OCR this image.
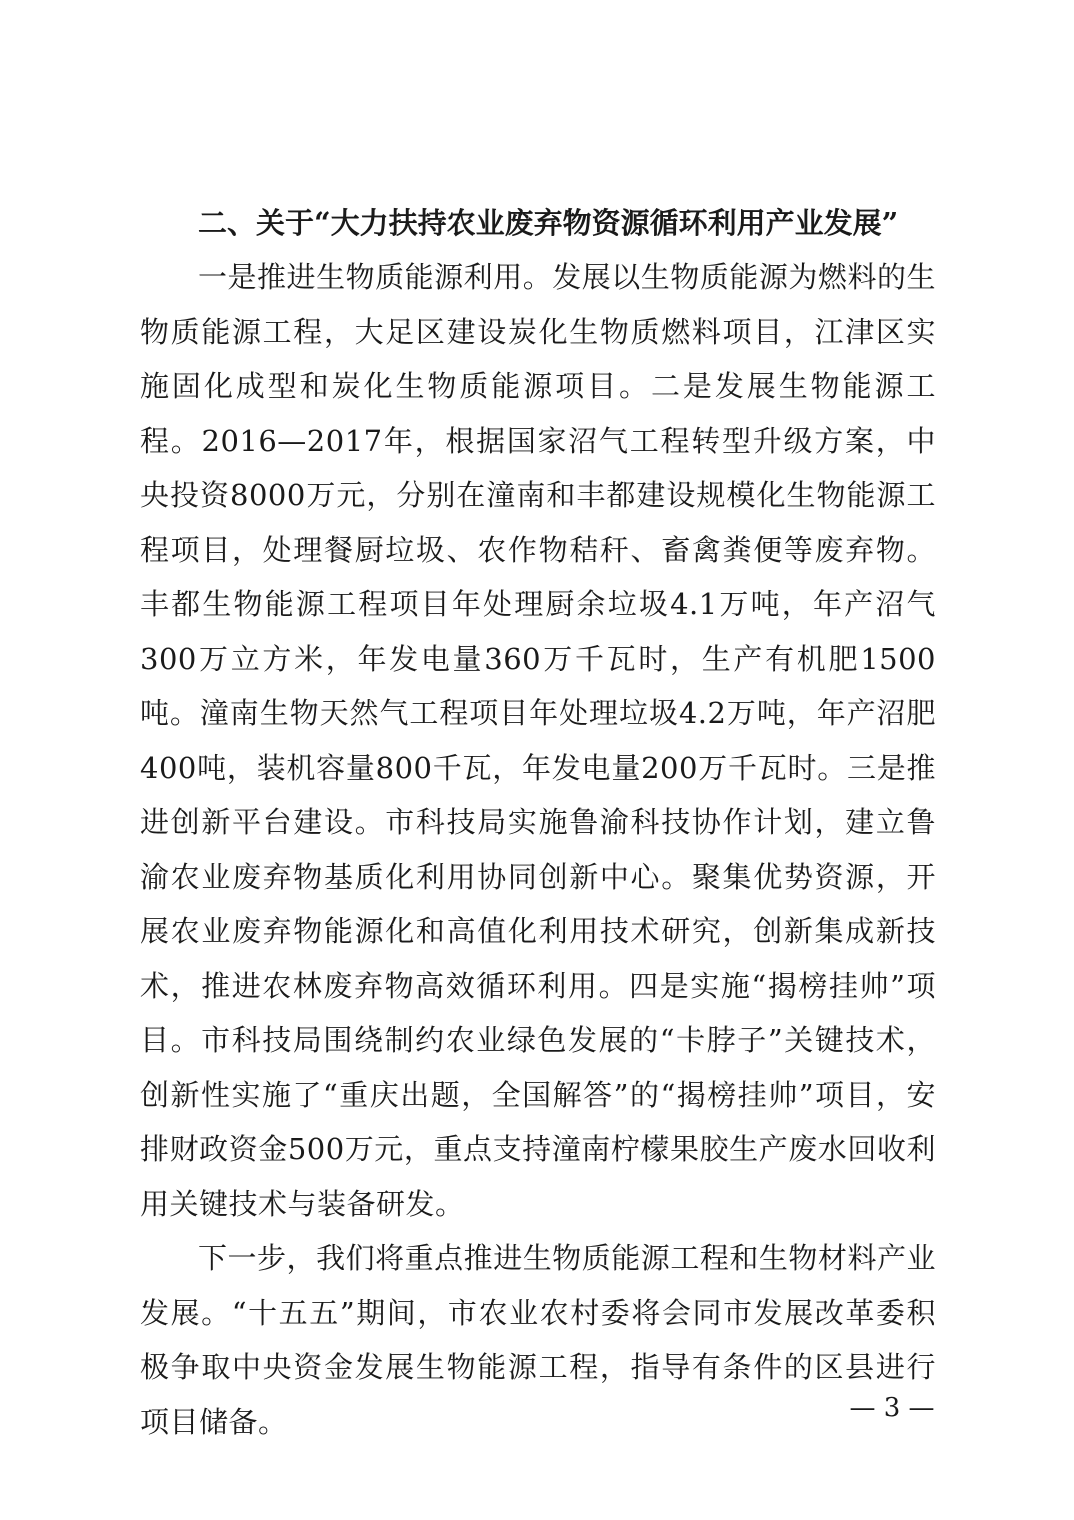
二、关于“大力扶持农业废弃物资源循环利用产业发展”

一是推进生物质能源利用。发展以生物质能源为燃料的生物质能源工程，大足区建设炭化生物质燃料项目，江津区实施固化成型和炭化生物质能源项目。二是发展生物能源工程。2016—2017年，根据国家沼气工程转型升级方案，中央投资8000万元，分别在潼南和丰都建设规模化生物能源工程项目，处理餐厨垃圾、农作物秸秆、畜禽粪便等废弃物。丰都生物能源工程项目年处理厨余垃圾4.1万吨，年产沼气300万立方米，年发电量360万千瓦时，生产有机肥1500吨。潼南生物天然气工程项目年处理垃圾4.2万吨，年产沼肥400吨，装机容量800千瓦，年发电量200万千瓦时。三是推进创新平台建设。市科技局实施鲁渝科技协作计划，建立鲁渝农业废弃物基质化利用协同创新中心。聚集优势资源，开展农业废弃物能源化和高值化利用技术研究，创新集成新技术，推进农林废弃物高效循环利用。四是实施“揭榜挂帅”项目。市科技局围绕制约农业绿色发展的“卡脖子”关键技术，创新性实施了“重庆出题，全国解答”的“揭榜挂帅”项目，安排财政资金500万元，重点支持潼南柠檬果胶生产废水回收利用关键技术与装备研发。

下一步，我们将重点推进生物质能源工程和生物材料产业发展。“十五五”期间，市农业农村委将会同市发展改革委积极争取中央资金发展生物能源工程，指导有条件的区县进行项目储备。	— 3 —
